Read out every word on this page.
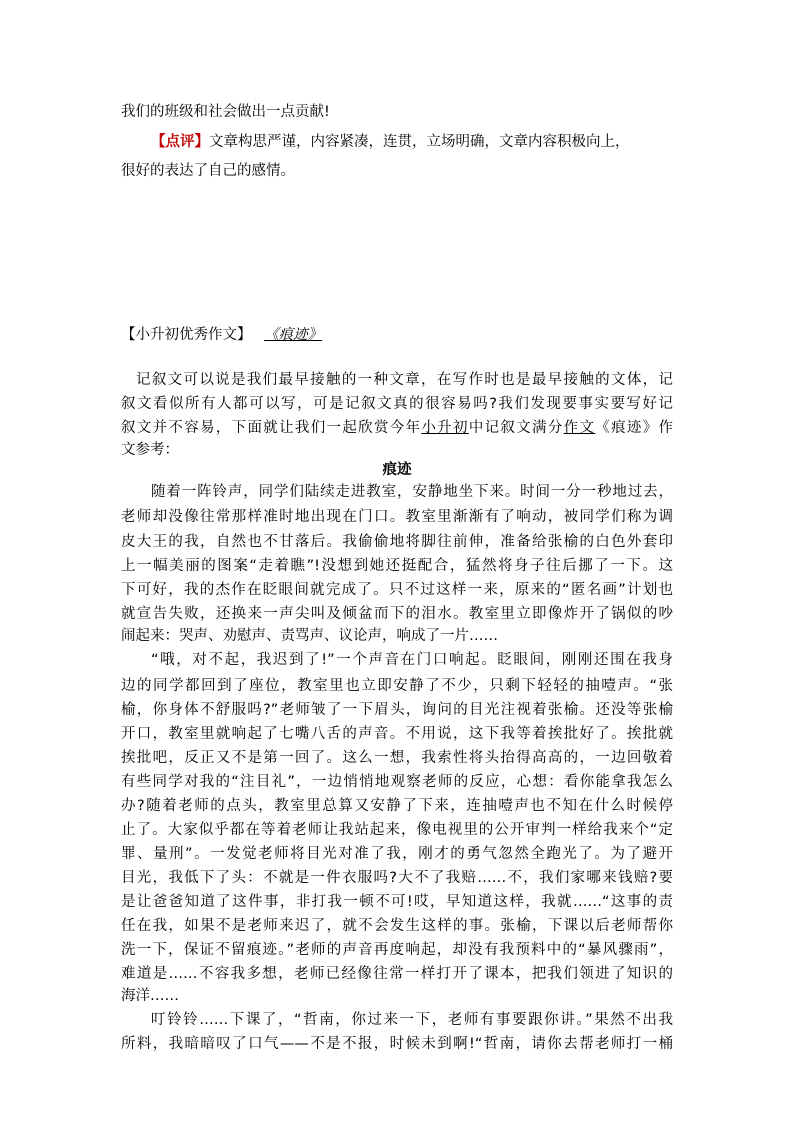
我们的班级和社会做出一点贡献!
【点评】文章构思严谨，内容紧凑，连贯，立场明确，文章内容积极向上，
很好的表达了自己的感情。
【小升初优秀作文】 《痕迹》
记叙文可以说是我们最早接触的一种文章，在写作时也是最早接触的文体，记
叙文看似所有人都可以写，可是记叙文真的很容易吗?我们发现要事实要写好记
叙文并不容易，下面就让我们一起欣赏今年小升初中记叙文满分作文《痕迹》作
文参考：
痕迹
随着一阵铃声，同学们陆续走进教室，安静地坐下来。时间一分一秒地过去，
老师却没像往常那样准时地出现在门口。教室里渐渐有了响动，被同学们称为调
皮大王的我，自然也不甘落后。我偷偷地将脚往前伸，准备给张榆的白色外套印
上一幅美丽的图案“走着瞧”!没想到她还挺配合，猛然将身子往后挪了一下。这
下可好，我的杰作在眨眼间就完成了。只不过这样一来，原来的“匿名画”计划也
就宣告失败，还换来一声尖叫及倾盆而下的泪水。教室里立即像炸开了锅似的吵
闹起来：哭声、劝慰声、责骂声、议论声，响成了一片……
“哦，对不起，我迟到了!”一个声音在门口响起。眨眼间，刚刚还围在我身
边的同学都回到了座位，教室里也立即安静了不少，只剩下轻轻的抽噎声。“张
榆，你身体不舒服吗?”老师皱了一下眉头，询问的目光注视着张榆。还没等张榆
开口，教室里就响起了七嘴八舌的声音。不用说，这下我等着挨批好了。挨批就
挨批吧，反正又不是第一回了。这么一想，我索性将头抬得高高的，一边回敬着
有些同学对我的“注目礼”，一边悄悄地观察老师的反应，心想：看你能拿我怎么
办?随着老师的点头，教室里总算又安静了下来，连抽噎声也不知在什么时候停
止了。大家似乎都在等着老师让我站起来，像电视里的公开审判一样给我来个“定
罪、量刑”。一发觉老师将目光对准了我，刚才的勇气忽然全跑光了。为了避开
目光，我低下了头：不就是一件衣服吗?大不了我赔……不，我们家哪来钱赔?要
是让爸爸知道了这件事，非打我一顿不可!哎，早知道这样，我就……“这事的责
任在我，如果不是老师来迟了，就不会发生这样的事。张榆，下课以后老师帮你
洗一下，保证不留痕迹。”老师的声音再度响起，却没有我预料中的“暴风骤雨”，
难道是……不容我多想，老师已经像往常一样打开了课本，把我们领进了知识的
海洋……
叮铃铃……下课了，“哲南，你过来一下，老师有事要跟你讲。”果然不出我
所料，我暗暗叹了口气——不是不报，时候未到啊!“哲南，请你去帮老师打一桶
